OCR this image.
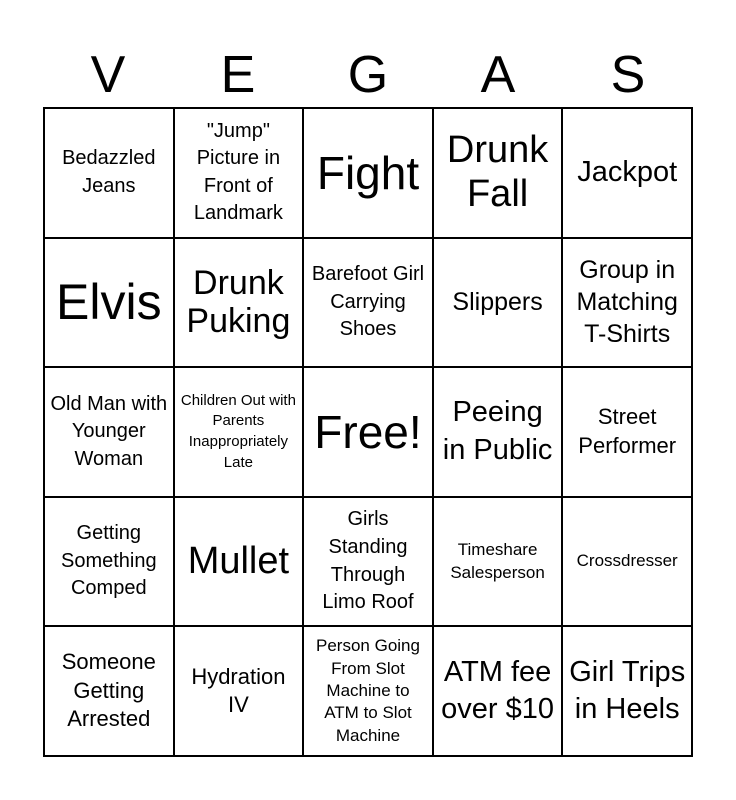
V	E	G	A	S
Bedazzled Jeans
"Jump" Picture in Front of Landmark
Fight Drunk Fall
Jackpot
Elvis Drunk Puking
Barefoot Girl Carrying Shoes
Slippers
Group in Matching T-Shirts
Old Man with Younger Woman
Children Out with Parents Inappropriately Late
Free!	Peeing in Public
Street Performer
Getting Something Comped
Mullet
Girls Standing Through Limo Roof
Timeshare Salesperson
Crossdresser
Someone Getting Arrested
Hydration IV
Person Going From Slot Machine to ATM to Slot Machine
ATM fee over $10
Girl Trips in Heels
